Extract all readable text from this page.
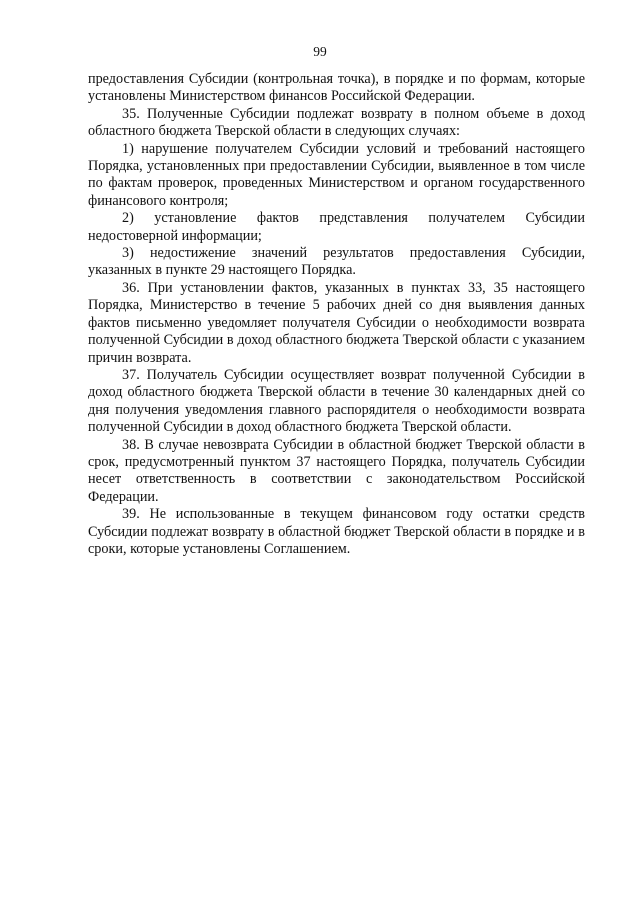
99

предоставления Субсидии (контрольная точка), в порядке и по формам, которые установлены Министерством финансов Российской Федерации.

35. Полученные Субсидии подлежат возврату в полном объеме в доход областного бюджета Тверской области в следующих случаях:

1) нарушение получателем Субсидии условий и требований настоящего Порядка, установленных при предоставлении Субсидии, выявленное в том числе по фактам проверок, проведенных Министерством и органом государственного финансового контроля;

2) установление фактов представления получателем Субсидии недостоверной информации;

3) недостижение значений результатов предоставления Субсидии, указанных в пункте 29 настоящего Порядка.

36. При установлении фактов, указанных в пунктах 33, 35 настоящего Порядка, Министерство в течение 5 рабочих дней со дня выявления данных фактов письменно уведомляет получателя Субсидии о необходимости возврата полученной Субсидии в доход областного бюджета Тверской области с указанием причин возврата.

37. Получатель Субсидии осуществляет возврат полученной Субсидии в доход областного бюджета Тверской области в течение 30 календарных дней со дня получения уведомления главного распорядителя о необходимости возврата полученной Субсидии в доход областного бюджета Тверской области.

38. В случае невозврата Субсидии в областной бюджет Тверской области в срок, предусмотренный пунктом 37 настоящего Порядка, получатель Субсидии несет ответственность в соответствии с законодательством Российской Федерации.

39. Не использованные в текущем финансовом году остатки средств Субсидии подлежат возврату в областной бюджет Тверской области в порядке и в сроки, которые установлены Соглашением.
